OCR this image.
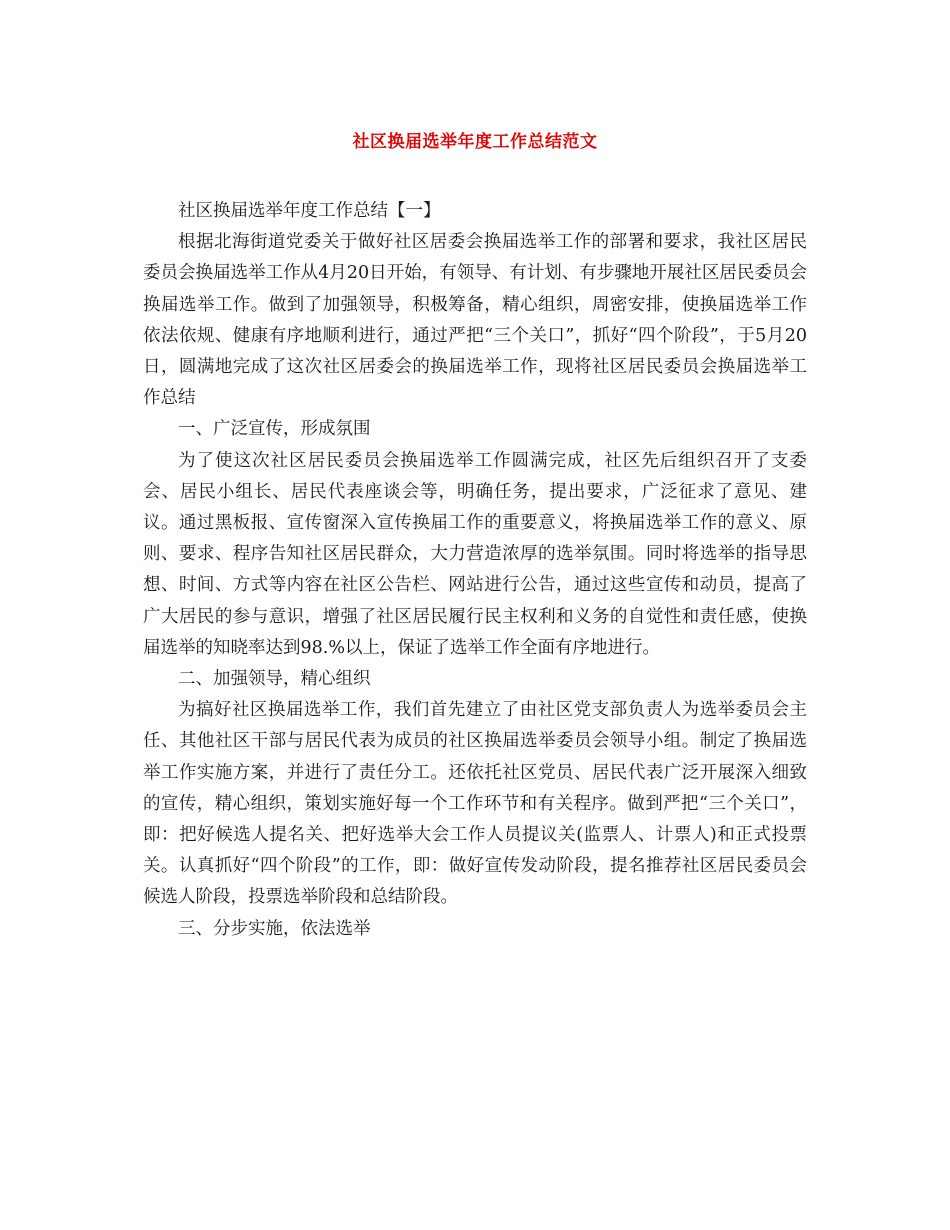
社区换届选举年度工作总结范文

社区换届选举年度工作总结【一】

根据北海街道党委关于做好社区居委会换届选举工作的部署和要求，我社区居民委员会换届选举工作从4月20日开始，有领导、有计划、有步骤地开展社区居民委员会换届选举工作。做到了加强领导，积极筹备，精心组织，周密安排，使换届选举工作依法依规、健康有序地顺利进行，通过严把“三个关口”，抓好“四个阶段”，于5月20日，圆满地完成了这次社区居委会的换届选举工作，现将社区居民委员会换届选举工作总结

一、广泛宣传，形成氛围

为了使这次社区居民委员会换届选举工作圆满完成，社区先后组织召开了支委会、居民小组长、居民代表座谈会等，明确任务，提出要求，广泛征求了意见、建议。通过黑板报、宣传窗深入宣传换届工作的重要意义，将换届选举工作的意义、原则、要求、程序告知社区居民群众，大力营造浓厚的选举氛围。同时将选举的指导思想、时间、方式等内容在社区公告栏、网站进行公告，通过这些宣传和动员，提高了广大居民的参与意识，增强了社区居民履行民主权利和义务的自觉性和责任感，使换届选举的知晓率达到98.%以上，保证了选举工作全面有序地进行。

二、加强领导，精心组织

为搞好社区换届选举工作，我们首先建立了由社区党支部负责人为选举委员会主任、其他社区干部与居民代表为成员的社区换届选举委员会领导小组。制定了换届选举工作实施方案，并进行了责任分工。还依托社区党员、居民代表广泛开展深入细致的宣传，精心组织，策划实施好每一个工作环节和有关程序。做到严把“三个关口”，即：把好候选人提名关、把好选举大会工作人员提议关(监票人、计票人)和正式投票关。认真抓好“四个阶段”的工作，即：做好宣传发动阶段，提名推荐社区居民委员会候选人阶段，投票选举阶段和总结阶段。

三、分步实施，依法选举
